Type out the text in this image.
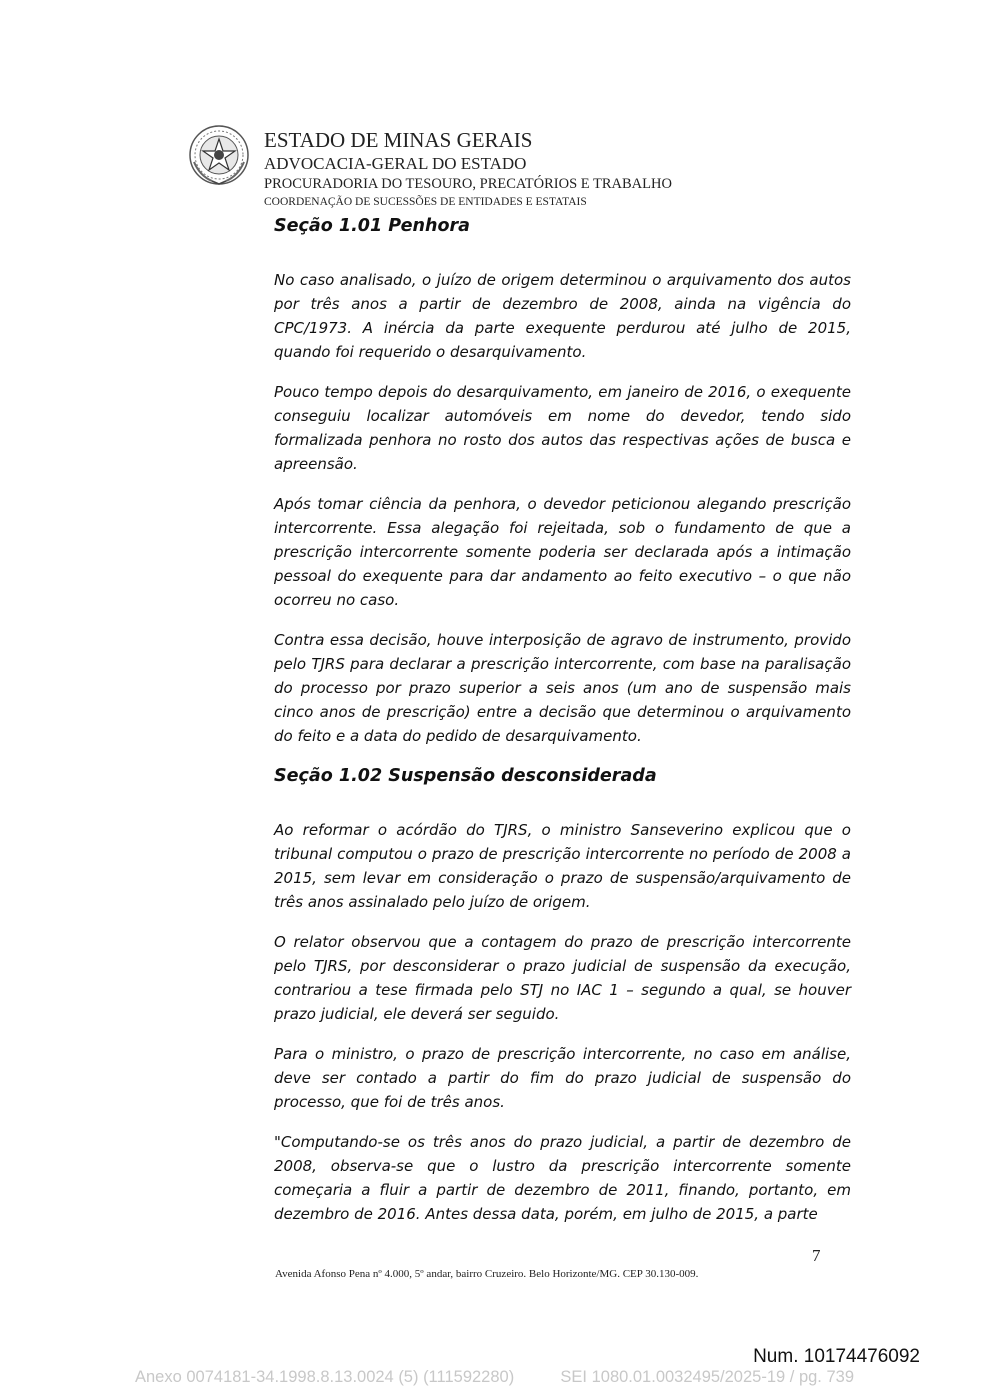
ESTADO DE MINAS GERAIS
ADVOCACIA-GERAL DO ESTADO
PROCURADORIA DO TESOURO, PRECATÓRIOS E TRABALHO
COORDENAÇÃO DE SUCESSÕES DE ENTIDADES E ESTATAIS
Seção 1.01 Penhora

No caso analisado, o juízo de origem determinou o arquivamento dos autos por três anos a partir de dezembro de 2008, ainda na vigência do CPC/1973. A inércia da parte exequente perdurou até julho de 2015, quando foi requerido o desarquivamento.

Pouco tempo depois do desarquivamento, em janeiro de 2016, o exequente conseguiu localizar automóveis em nome do devedor, tendo sido formalizada penhora no rosto dos autos das respectivas ações de busca e apreensão.

Após tomar ciência da penhora, o devedor peticionou alegando prescrição intercorrente. Essa alegação foi rejeitada, sob o fundamento de que a prescrição intercorrente somente poderia ser declarada após a intimação pessoal do exequente para dar andamento ao feito executivo – o que não ocorreu no caso.

Contra essa decisão, houve interposição de agravo de instrumento, provido pelo TJRS para declarar a prescrição intercorrente, com base na paralisação do processo por prazo superior a seis anos (um ano de suspensão mais cinco anos de prescrição) entre a decisão que determinou o arquivamento do feito e a data do pedido de desarquivamento.

Seção 1.02 Suspensão desconsiderada

Ao reformar o acórdão do TJRS, o ministro Sanseverino explicou que o tribunal computou o prazo de prescrição intercorrente no período de 2008 a 2015, sem levar em consideração o prazo de suspensão/arquivamento de três anos assinalado pelo juízo de origem.

O relator observou que a contagem do prazo de prescrição intercorrente pelo TJRS, por desconsiderar o prazo judicial de suspensão da execução, contrariou a tese firmada pelo STJ no IAC 1 – segundo a qual, se houver prazo judicial, ele deverá ser seguido.

Para o ministro, o prazo de prescrição intercorrente, no caso em análise, deve ser contado a partir do fim do prazo judicial de suspensão do processo, que foi de três anos.

"Computando-se os três anos do prazo judicial, a partir de dezembro de 2008, observa-se que o lustro da prescrição intercorrente somente começaria a fluir a partir de dezembro de 2011, finando, portanto, em dezembro de 2016. Antes dessa data, porém, em julho de 2015, a parte

7
Avenida Afonso Pena nº 4.000, 5º andar, bairro Cruzeiro. Belo Horizonte/MG. CEP 30.130-009.
Num. 10174476092
Anexo 0074181-34.1998.8.13.0024 (5) (111592280)	SEI 1080.01.0032495/2025-19 / pg. 739
